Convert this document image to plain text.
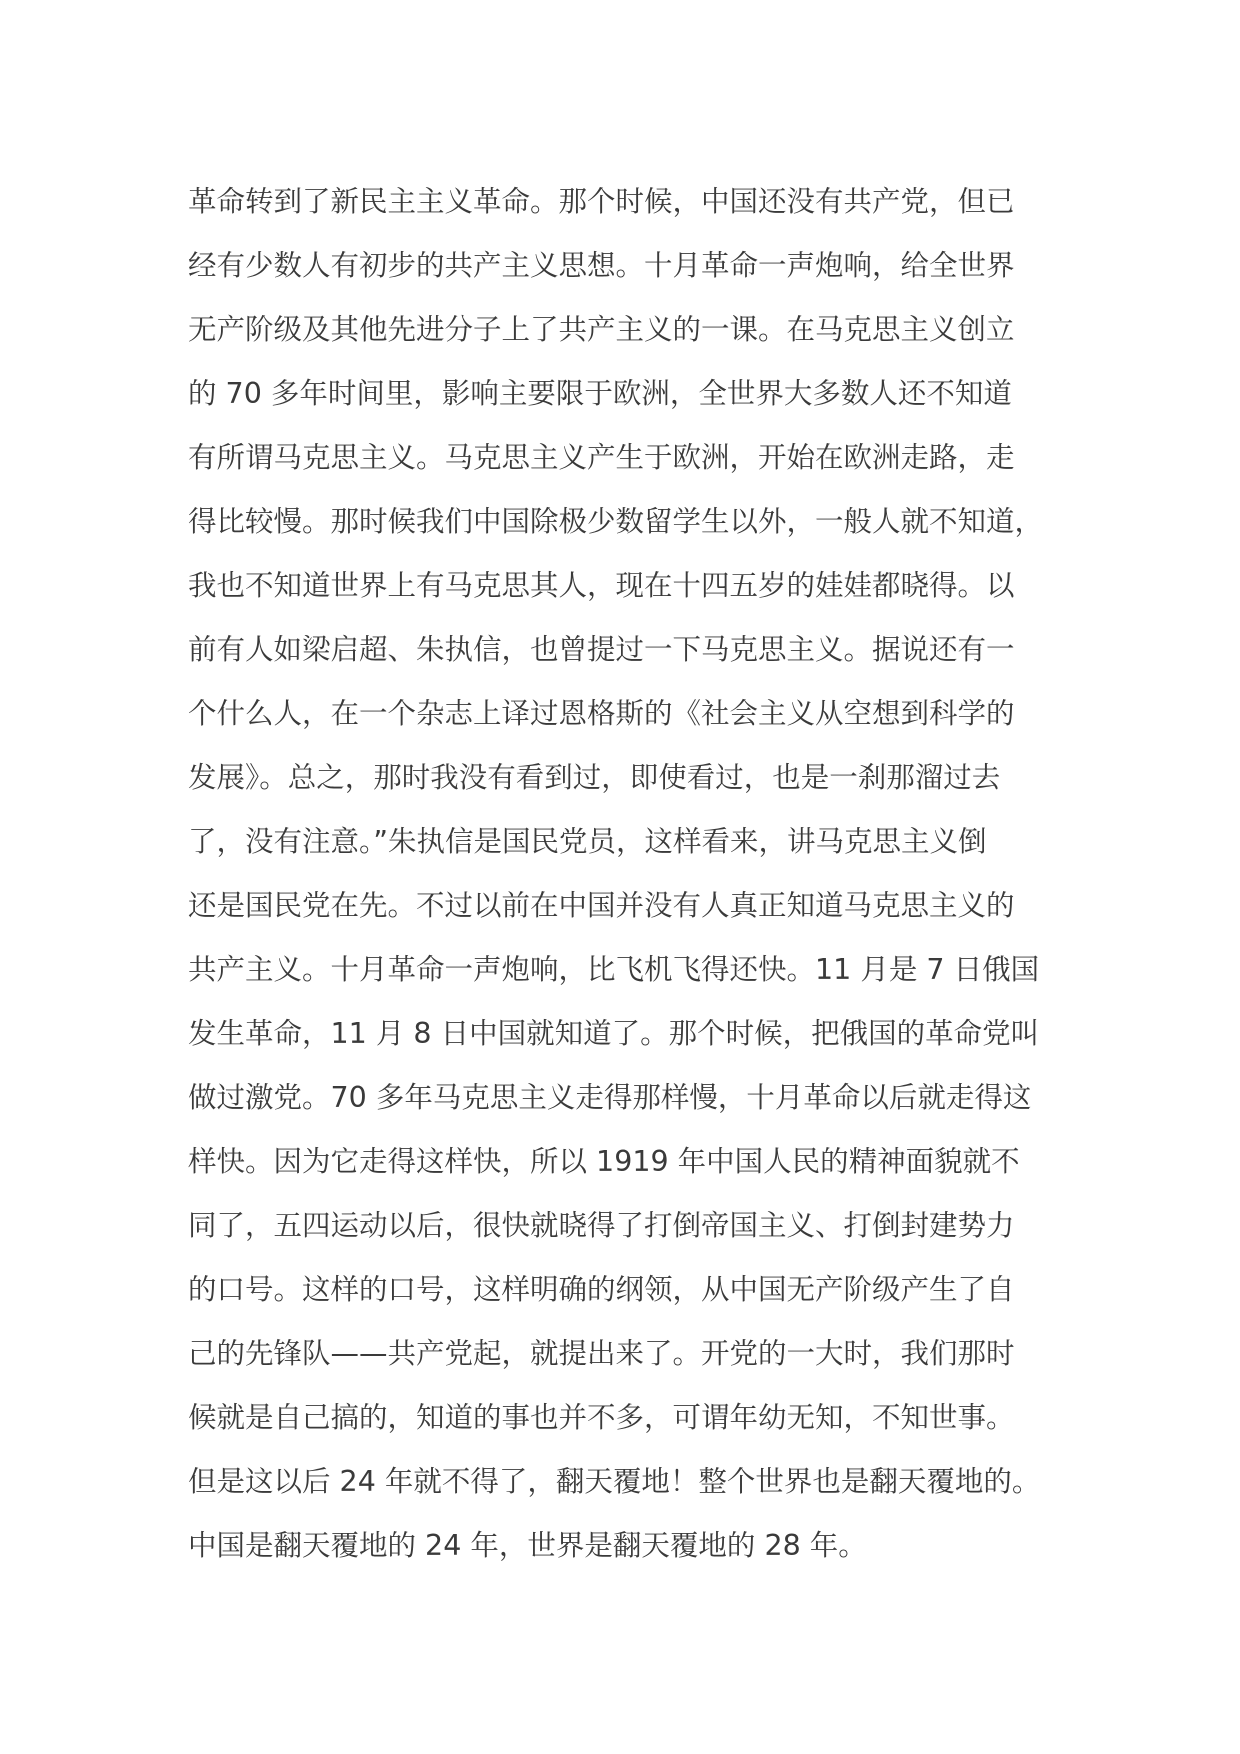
革命转到了新民主主义革命。那个时候，中国还没有共产党，但已
经有少数人有初步的共产主义思想。十月革命一声炮响，给全世界
无产阶级及其他先进分子上了共产主义的一课。在马克思主义创立
的 70 多年时间里，影响主要限于欧洲，全世界大多数人还不知道
有所谓马克思主义。马克思主义产生于欧洲，开始在欧洲走路，走
得比较慢。那时候我们中国除极少数留学生以外，一般人就不知道，
我也不知道世界上有马克思其人，现在十四五岁的娃娃都晓得。以
前有人如梁启超、朱执信，也曾提过一下马克思主义。据说还有一
个什么人，在一个杂志上译过恩格斯的《社会主义从空想到科学的
发展》。总之，那时我没有看到过，即使看过，也是一刹那溜过去
了，没有注意。”朱执信是国民党员，这样看来，讲马克思主义倒
还是国民党在先。不过以前在中国并没有人真正知道马克思主义的
共产主义。十月革命一声炮响，比飞机飞得还快。11 月是 7 日俄国
发生革命，11 月 8 日中国就知道了。那个时候，把俄国的革命党叫
做过激党。70 多年马克思主义走得那样慢，十月革命以后就走得这
样快。因为它走得这样快，所以 1919 年中国人民的精神面貌就不
同了，五四运动以后，很快就晓得了打倒帝国主义、打倒封建势力
的口号。这样的口号，这样明确的纲领，从中国无产阶级产生了自
己的先锋队——共产党起，就提出来了。开党的一大时，我们那时
候就是自己搞的，知道的事也并不多，可谓年幼无知，不知世事。
但是这以后 24 年就不得了，翻天覆地！整个世界也是翻天覆地的。
中国是翻天覆地的 24 年，世界是翻天覆地的 28 年。
